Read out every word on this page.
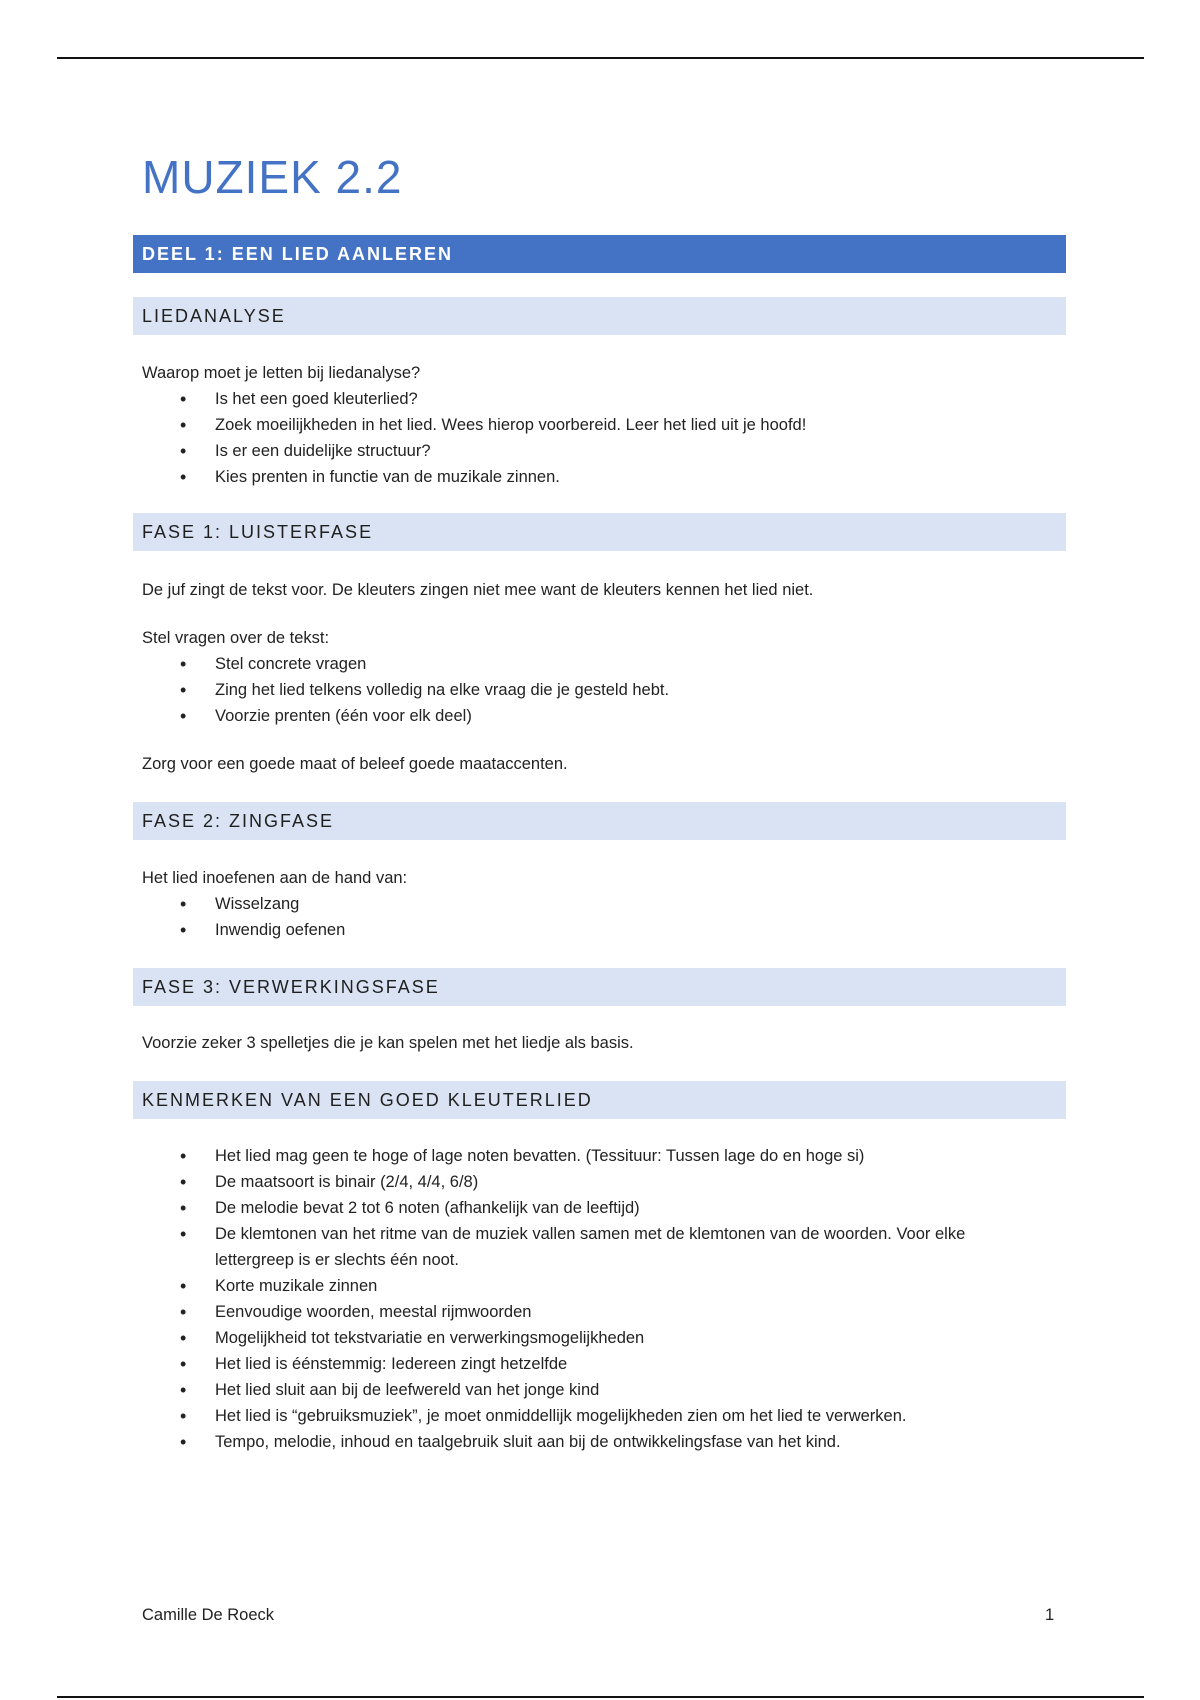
MUZIEK 2.2
DEEL 1: EEN LIED AANLEREN
LIEDANALYSE

Waarop moet je letten bij liedanalyse?

• Is het een goed kleuterlied?
• Zoek moeilijkheden in het lied. Wees hierop voorbereid. Leer het lied uit je hoofd!
• Is er een duidelijke structuur?
• Kies prenten in functie van de muzikale zinnen.
FASE 1: LUISTERFASE

De juf zingt de tekst voor. De kleuters zingen niet mee want de kleuters kennen het lied niet.

Stel vragen over de tekst:

• Stel concrete vragen
• Zing het lied telkens volledig na elke vraag die je gesteld hebt.
• Voorzie prenten (één voor elk deel)

Zorg voor een goede maat of beleef goede maataccenten.

FASE 2: ZINGFASE

Het lied inoefenen aan de hand van:

• Wisselzang
• Inwendig oefenen
FASE 3: VERWERKINGSFASE

Voorzie zeker 3 spelletjes die je kan spelen met het liedje als basis.

KENMERKEN VAN EEN GOED KLEUTERLIED
• Het lied mag geen te hoge of lage noten bevatten. (Tessituur: Tussen lage do en hoge si)
• De maatsoort is binair (2/4, 4/4, 6/8)
• De melodie bevat 2 tot 6 noten (afhankelijk van de leeftijd)
• De klemtonen van het ritme van de muziek vallen samen met de klemtonen van de woorden. Voor elke lettergreep is er slechts één noot.
• Korte muzikale zinnen
• Eenvoudige woorden, meestal rijmwoorden
• Mogelijkheid tot tekstvariatie en verwerkingsmogelijkheden
• Het lied is éénstemmig: Iedereen zingt hetzelfde
• Het lied sluit aan bij de leefwereld van het jonge kind
• Het lied is “gebruiksmuziek”, je moet onmiddellijk mogelijkheden zien om het lied te verwerken.
• Tempo, melodie, inhoud en taalgebruik sluit aan bij de ontwikkelingsfase van het kind.
Camille De Roeck	1
